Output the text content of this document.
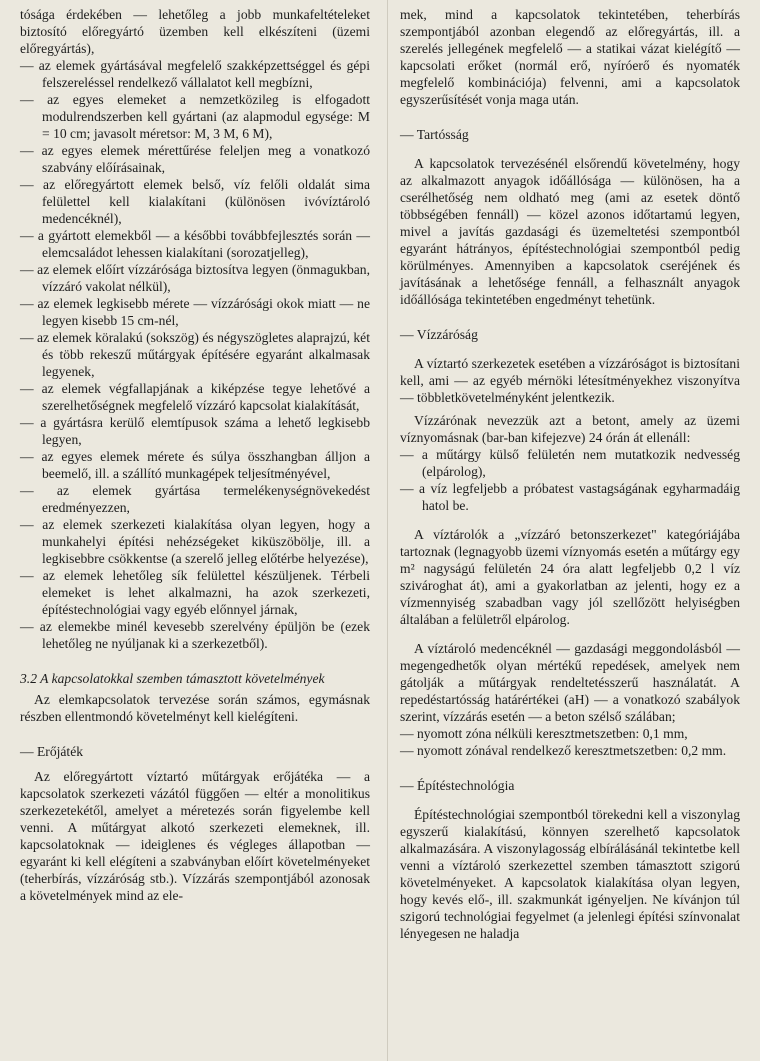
tósága érdekében — lehetőleg a jobb munkafeltételeket biztosító előregyártó üzemben kell elkészíteni (üzemi előregyártás),

— az elemek gyártásával megfelelő szakképzettséggel és gépi felszereléssel rendelkező vállalatot kell megbízni,
— az egyes elemeket a nemzetközileg is elfogadott modulrendszerben kell gyártani (az alapmodul egysége: M = 10 cm; javasolt méretsor: M, 3 M, 6 M),
— az egyes elemek mérettűrése feleljen meg a vonatkozó szabvány előírásainak,
— az előregyártott elemek belső, víz felőli oldalát sima felülettel kell kialakítani (különösen ivóvíztároló medencéknél),
— a gyártott elemekből — a későbbi továbbfejlesztés során — elemcsaládot lehessen kialakítani (sorozatjelleg),
— az elemek előírt vízzárósága biztosítva legyen (önmagukban, vízzáró vakolat nélkül),
— az elemek legkisebb mérete — vízzárósági okok miatt — ne legyen kisebb 15 cm-nél,
— az elemek köralakú (sokszög) és négyszögletes alaprajzú, két és több rekeszű műtárgyak építésére egyaránt alkalmasak legyenek,
— az elemek végfallapjának a kiképzése tegye lehetővé a szerelhetőségnek megfelelő vízzáró kapcsolat kialakítását,
— a gyártásra kerülő elemtípusok száma a lehető legkisebb legyen,
— az egyes elemek mérete és súlya összhangban álljon a beemelő, ill. a szállító munkagépek teljesítményével,
— az elemek gyártása termelékenységnövekedést eredményezzen,
— az elemek szerkezeti kialakítása olyan legyen, hogy a munkahelyi építési nehézségeket kiküszöbölje, ill. a legkisebbre csökkentse (a szerelő jelleg előtérbe helyezése),
— az elemek lehetőleg sík felülettel készüljenek. Térbeli elemeket is lehet alkalmazni, ha azok szerkezeti, építéstechnológiai vagy egyéb előnnyel járnak,
— az elemekbe minél kevesebb szerelvény épüljön be (ezek lehetőleg ne nyúljanak ki a szerkezetből).

3.2 A kapcsolatokkal szemben támasztott követelmények

Az elemkapcsolatok tervezése során számos, egymásnak részben ellentmondó követelményt kell kielégíteni.

— Erőjáték

Az előregyártott víztartó műtárgyak erőjátéka — a kapcsolatok szerkezeti vázától függően — eltér a monolitikus szerkezetekétől, amelyet a méretezés során figyelembe kell venni. A műtárgyat alkotó szerkezeti elemeknek, ill. kapcsolatoknak — ideiglenes és végleges állapotban — egyaránt ki kell elégíteni a szabványban előírt követelményeket (teherbírás, vízzáróság stb.). Vízzárás szempontjából azonosak a követelmények mind az ele-

mek, mind a kapcsolatok tekintetében, teherbírás szempontjából azonban elegendő az előregyártás, ill. a szerelés jellegének megfelelő — a statikai vázat kielégítő — kapcsolati erőket (normál erő, nyíróerő és nyomaték megfelelő kombinációja) felvenni, ami a kapcsolatok egyszerűsítését vonja maga után.

— Tartósság

A kapcsolatok tervezésénél elsőrendű követelmény, hogy az alkalmazott anyagok időállósága — különösen, ha a cserélhetőség nem oldható meg (ami az esetek döntő többségében fennáll) — közel azonos időtartamú legyen, mivel a javítás gazdasági és üzemeltetési szempontból egyaránt hátrányos, építéstechnológiai szempontból pedig körülményes. Amennyiben a kapcsolatok cseréjének és javításának a lehetősége fennáll, a felhasznált anyagok időállósága tekintetében engedményt tehetünk.

— Vízzáróság

A víztartó szerkezetek esetében a vízzáróságot is biztosítani kell, ami — az egyéb mérnöki létesítményekhez viszonyítva — többletkövetelményként jelentkezik.

Vízzárónak nevezzük azt a betont, amely az üzemi víznyomásnak (bar-ban kifejezve) 24 órán át ellenáll:

— a műtárgy külső felületén nem mutatkozik nedvesség (elpárolog),
— a víz legfeljebb a próbatest vastagságának egyharmadáig hatol be.

A víztárolók a „vízzáró betonszerkezet" kategóriájába tartoznak (legnagyobb üzemi víznyomás esetén a műtárgy egy m² nagyságú felületén 24 óra alatt legfeljebb 0,2 l víz szivároghat át), ami a gyakorlatban az jelenti, hogy ez a vízmennyiség szabadban vagy jól szellőzött helyiségben általában a felületről elpárolog.

A víztároló medencéknél — gazdasági meggondolásból — megengedhetők olyan mértékű repedések, amelyek nem gátolják a műtárgyak rendeltetésszerű használatát. A repedéstartósság határértékei (aH) — a vonatkozó szabályok szerint, vízzárás esetén — a beton szélső szálában;

— nyomott zóna nélküli keresztmetszetben: 0,1 mm,
— nyomott zónával rendelkező keresztmetszetben: 0,2 mm.

— Építéstechnológia

Építéstechnológiai szempontból törekedni kell a viszonylag egyszerű kialakítású, könnyen szerelhető kapcsolatok alkalmazására. A viszonylagosság elbírálásánál tekintetbe kell venni a víztároló szerkezettel szemben támasztott szigorú követelményeket. A kapcsolatok kialakítása olyan legyen, hogy kevés elő-, ill. szakmunkát igényeljen. Ne kívánjon túl szigorú technológiai fegyelmet (a jelenlegi építési színvonalat lényegesen ne haladja
